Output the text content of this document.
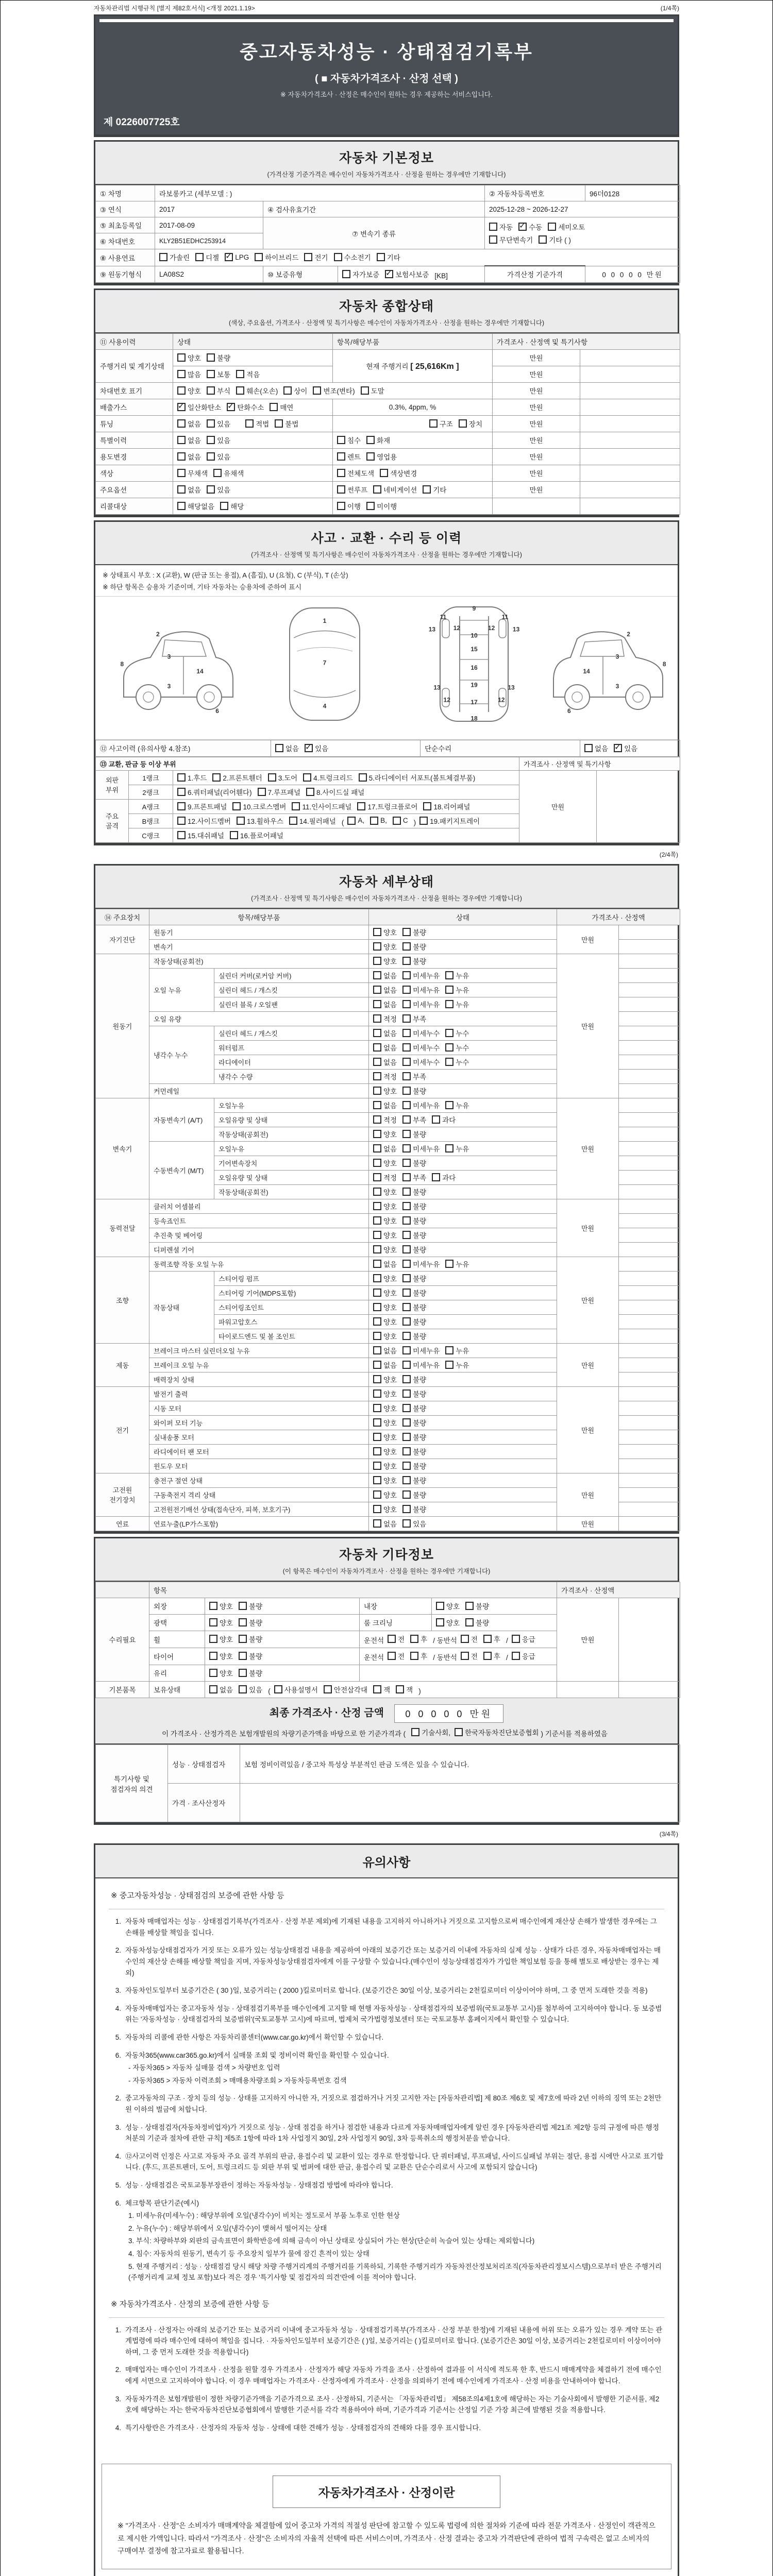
자동차관리법 시행규칙 [별지 제82호서식] <개정 2021.1.19>	(1/4쪽)
중고자동차성능 · 상태점검기록부
( ■ 자동차가격조사 · 산정 선택 )
※ 자동차가격조사 · 산정은 매수인이 원하는 경우 제공하는 서비스입니다.
제 0226007725호
자동차 기본정보
(가격산정 기준가격은 매수인이 자동차가격조사 · 산정을 원하는 경우에만 기재합니다)
① 차명	라보롱카고 (세부모델 : )			② 자동차등록번호	96더0128
③ 연식	2017	④ 검사유효기간		2025-12-28 ~ 2026-12-27	
⑤ 최초등록일	2017-08-09	⑦ 변속기 종류		자동 ✓ 수동 세미오토
무단변속기 기타 ( )

⑥ 차대번호	KLY2B51EDHC253914				
⑧ 사용연료	가솔린 디젤 ✓ LPG 하이브리드 전기 수소전기 기타

⑨ 원동기형식	LA08S2	⑩ 보증유형	자가보증 ✓ 보험사보증 [KB]	가격산정 기준가격	0 0 0 0 0 만원
자동차 종합상태
(색상, 주요옵션, 가격조사 · 산정액 및 특기사항은 매수인이 자동차가격조사 · 산정을 원하는 경우에만 기재합니다)
⑪ 사용이력	상태	항목/해당부품	가격조사 · 산정액 및 특기사항	
주행거리 및 계기상태	양호 불량	현재 주행거리 [ 25,616Km ]	만원	

	많음 보통 적음		만원	
차대번호 표기	양호 부식 훼손(오손) 상이 변조(변타) 도말	만원	
배출가스	
✓일산화탄소 ✓ 탄화수소 매연	0.3%, 4ppm, %	만원	
튜닝	없음 있음 적법 불법	구조 장치	만원	
특별이력	없음 있음	침수 화재	만원	
용도변경	없음 있음	렌트 영업용	만원	
색상	무채색 유채색	전체도색 색상변경	만원	
주요옵션	없음 있음	썬루프 네비게이션 기타	만원	
리콜대상	해당없음 해당	이행 미이행		

사고 · 교환 · 수리 등 이력
(가격조사 · 산정액 및 특기사항은 매수인이 자동차가격조사 · 산정을 원하는 경우에만 기재합니다)
※ 상태표시 부호 : X (교환), W (판금 또는 용접), A (흠집), U (요철), C (부식), T (손상)
※ 하단 항목은 승용차 기준이며, 기타 자동차는 승용차에 준하여 표시
2
8
3
3
14
6
1
7
4
9
11	11
13	12	12	13
10
15
16
13	19	13
12	17	12
18
2
8
3
3
14
6
⑫ 사고이력 (유의사항 4.참조)	없음 ✓ 있음	단순수리	없음 ✓ 있음
⑬ 교환, 판금 등 이상 부위			가격조사 · 산정액 및 특기사항	
외판 부위	1랭크	1.후드 2.프론트휀더 3.도어 4.트렁크리드 5.라디에이터 서포트(볼트체결부품)	만원	
	2랭크	6.쿼터패널(리어휀다) 7.루프패널 8.사이드실 패널		

주요 골격	A랭크	9.프론트패널 10.크로스멤버 11.인사이드패널 17.트렁크플로어 18.리어패널		

B랭크	12.사이드멤버 13.휠하우스 14.필러패널 ( A, B, C ) 19.패키지트레이

	C랭크	15.대쉬패널 16.플로어패널		
(2/4쪽)
자동차 세부상태
(가격조사 · 산정액 및 특기사항은 매수인이 자동차가격조사 · 산정을 원하는 경우에만 기재합니다)
⑭ 주요장치	항목/해당부품		상태	가격조사 · 산정액	
자기진단	원동기		양호 불량	만원	
	변속기		양호 불량		

원동기	작동상태(공회전)		양호 불량	만원	
	오일 누유	실린더 커버(로커암 커버)	없음 미세누유 누유		

		실린더 헤드 / 개스킷	없음 미세누유 누유		

		실린더 블록 / 오일팬	없음 미세누유 누유		

	오일 유량		적정 부족		

	냉각수 누수	실린더 헤드 / 개스킷	없음 미세누수 누수		

		워터펌프	없음 미세누수 누수		

		라디에이터	없음 미세누수 누수		

		냉각수 수량	적정 부족		

	커먼레일		양호 불량		

변속기	자동변속기 (A/T)	오일누유	없음 미세누유 누유	만원	
		오일유량 및 상태	적정 부족 과다		

		작동상태(공회전)	양호 불량		

	수동변속기 (M/T)	오일누유	없음 미세누유 누유		

		기어변속장치	양호 불량		

		오일유량 및 상태	적정 부족 과다		

		작동상태(공회전)	양호 불량		

동력전달	클러치 어셈블리		양호 불량	만원	
	등속죠인트		양호 불량		

	추진축 및 베어링		양호 불량		

	디퍼렌셜 기어		양호 불량		

조향	동력조향 작동 오일 누유		없음 미세누유 누유	만원	
	작동상태	스티어링 펌프	양호 불량		

		스티어링 기어(MDPS포함)	양호 불량		

		스티어링조인트	양호 불량		

		파워고압호스	양호 불량		

		타이로드엔드 및 볼 조인트	양호 불량		

제동	브레이크 마스터 실린더오일 누유		없음 미세누유 누유	만원	
	브레이크 오일 누유		없음 미세누유 누유		

	배력장치 상태		양호 불량		

전기	발전기 출력		양호 불량	만원	
	시동 모터		양호 불량		

	와이퍼 모터 기능		양호 불량		

	실내송풍 모터		양호 불량		

	라디에이터 팬 모터		양호 불량		

	윈도우 모터		양호 불량		

고전원 전기장치	충전구 절연 상태		양호 불량	만원	
	구동축전지 격리 상태		양호 불량		

	고전원전기배선 상태(접속단자, 피복, 보호기구)		양호 불량		

연료	연료누출(LP가스포함)		없음 있음	만원	
자동차 기타정보
(이 항목은 매수인이 자동차가격조사 · 산정을 원하는 경우에만 기재합니다)
	항목				가격조사 · 산정액	
수리필요	외장	양호 불량	내장	양호 불량	만원	
	광택	양호 불량	룸 크리닝	양호 불량		

휠	양호 불량	운전석 전 후 / 동반석 전 후 / 응급

타이어	양호 불량	운전석 전 후 / 동반석 전 후 / 응급

	유리	양호 불량				

기본품목	보유상태	없음 있음 ( 사용설명서 안전삼각대 잭 잭 )		
최종 가격조사 · 산정 금액 0 0 0 0 0 만원
이 가격조사 · 산정가격은 보험개발원의 차량기준가액을 바탕으로 한 기준가격과 ( 기술사회, 한국자동차진단보증협회 ) 기준서를 적용하였음
특기사항 및 점검자의 의견	성능 · 상태점검자	보험 정비이력있음 / 중고차 특성상 부분적인 판금 도색은 있을 수 있습니다.
	가격 · 조사산정자	
(3/4쪽)
유의사항
※ 중고자동차성능 · 상태점검의 보증에 관한 사항 등
1. 자동차 매매업자는 성능 · 상태점검기록부(가격조사 · 산정 부분 제외)에 기재된 내용을 고지하지 아니하거나 거짓으로 고지함으로써 매수인에게 재산상 손해가 발생한 경우에는 그 손해를 배상할 책임을 집니다.
2. 자동차성능상태점검자가 거짓 또는 오류가 있는 성능상태점검 내용을 제공하여 아래의 보증기간 또는 보증거리 이내에 자동차의 실제 성능 · 상태가 다른 경우, 자동차매매업자는 매수인의 재산상 손해를 배상할 책임을 지며, 자동차성능상태점검자에게 이를 구상할 수 있습니다.(매수인이 성능상태점검자가 가입한 책임보험 등을 통해 별도로 배상받는 경우는 제외)
3. 자동차인도일부터 보증기간은 ( 30 )일, 보증거리는 ( 2000 )킬로미터로 합니다. (보증기간은 30일 이상, 보증거리는 2천킬로미터 이상이어야 하며, 그 중 먼저 도래한 것을 적용)
4. 자동차매매업자는 중고자동차 성능 · 상태점검기록부를 매수인에게 고지할 때 현행 자동차성능 · 상태점검자의 보증범위(국토교통부 고시)를 첨부하여 고지하여야 합니다. 동 보증범위는 '자동차성능 · 상태점검자의 보증범위'(국토교통부 고시)에 따르며, 법제처 국가법령정보센터 또는 국토교통부 홈페이지에서 확인할 수 있습니다.
5. 자동차의 리콜에 관한 사항은 자동차리콜센터(www.car.go.kr)에서 확인할 수 있습니다.
6. 자동차365(www.car365.go.kr)에서 실매물 조회 및 정비이력 확인을 확인할 수 있습니다.
- 자동차365 > 자동차 실매물 검색 > 차량번호 입력
- 자동차365 > 자동차 이력조회 > 매매용차량조회 > 자동차등록번호 검색
2. 중고자동차의 구조 · 장치 등의 성능 · 상태를 고지하지 아니한 자, 거짓으로 점검하거나 거짓 고지한 자는 [자동차관리법] 제 80조 제6호 및 제7호에 따라 2년 이하의 징역 또는 2천만원 이하의 벌금에 처합니다.
3. 성능 · 상태점검자(자동차정비업자)가 거짓으로 성능 · 상태 점검을 하거나 점검한 내용과 다르게 자동차매매업자에게 알린 경우 [자동차관리법 제21조 제2항 등의 규정에 따른 행정처분의 기준과 절차에 관한 규칙] 제5조 1항에 따라 1차 사업정지 30일, 2차 사업정지 90일, 3차 등록취소의 행정처분을 받습니다.
4. ⑫사고이력 인정은 사고로 자동차 주요 골격 부위의 판금, 용접수리 및 교환이 있는 경우로 한정합니다. 단 쿼터패널, 루프패널, 사이드실패널 부위는 절단, 용접 시에만 사고로 표기합니다. (후드, 프론트펜더, 도어, 트렁크리드 등 외판 부위 및 범퍼에 대한 판금, 용접수리 및 교환은 단순수리로서 사고에 포함되지 않습니다)
5. 성능 · 상태점검은 국토교통부장관이 정하는 자동차성능 · 상태점검 방법에 따라야 합니다.
6. 체크항목 판단기준(예시)
1. 미세누유(미세누수) : 해당부위에 오일(냉각수)이 비치는 정도로서 부품 노후로 인한 현상
2. 누유(누수) : 해당부위에서 오일(냉각수)이 맺혀서 떨어지는 상태
3. 부식: 차량하부와 외판의 금속표면이 화학반응에 의해 금속이 아닌 상태로 상실되어 가는 현상(단순히 녹슬어 있는 상태는 제외합니다)
4. 침수: 자동차의 원동기, 변속기 등 주요장치 일부가 물에 잠긴 흔적이 있는 상태
5. 현재 주행거리 : 성능 · 상태점검 당시 해당 차량 주행거리계의 주행거리를 기록하되, 기록한 주행거리가 자동차전산정보처리조직(자동차관리정보시스템)으로부터 받은 주행거리(주행거리계 교체 정보 포함)보다 적은 경우 '특기사항 및 점검자의 의견'란에 이를 적어야 합니다.
※ 자동차가격조사 · 산정의 보증에 관한 사항 등
1. 가격조사 · 산정자는 아래의 보증기간 또는 보증거리 이내에 중고자동차 성능 · 상태점검기록부(가격조사 · 산정 부분 한정)에 기재된 내용에 허위 또는 오류가 있는 경우 계약 또는 관계법령에 따라 매수인에 대하여 책임을 집니다. · 자동차인도일부터 보증기간은 ( )일, 보증거리는 ( )킬로미터로 합니다. (보증기간은 30일 이상, 보증거리는 2천킬로미터 이상이어야 하며, 그 중 먼저 도래한 것을 적용합니다)
2. 매매업자는 매수인이 가격조사 · 산정을 원할 경우 가격조사 · 산정자가 해당 자동차 가격을 조사 · 산정하여 결과를 이 서식에 적도록 한 후, 반드시 매매계약을 체결하기 전에 매수인에게 서면으로 고지하여야 합니다. 이 경우 매매업자는 가격조사 · 산정자에게 가격조사 · 산정을 의뢰하기 전에 매수인에게 가격조사 · 산정 비용을 안내하여야 합니다.
3. 자동차가격은 보험개발원이 정한 차량기준가액을 기준가격으로 조사 · 산정하되, 기준서는 「자동차관리법」 제58조의4제1호에 해당하는 자는 기술사회에서 발행한 기준서를, 제2호에 해당하는 자는 한국자동차진단보증협회에서 발행한 기준서를 각각 적용하여야 하며, 기준가격과 기준서는 산정일 기준 가장 최근에 발행된 것을 적용합니다.
4. 특기사항란은 가격조사 · 산정자의 자동차 성능 · 상태에 대한 견해가 성능 · 상태점검자의 견해와 다를 경우 표시합니다.
자동차가격조사 · 산정이란

※ "가격조사 · 산정"은 소비자가 매매계약을 체결함에 있어 중고차 가격의 적절성 판단에 참고할 수 있도록 법령에 의한 절차와 기준에 따라 전문 가격조사 · 산정인이 객관적으로 제시한 가액입니다. 따라서 "가격조사 · 산정"은 소비자의 자율적 선택에 따른 서비스이며, 가격조사 · 산정 결과는 중고차 가격판단에 관하여 법적 구속력은 없고 소비자의 구매여부 결정에 참고자료로 활용됩니다.
